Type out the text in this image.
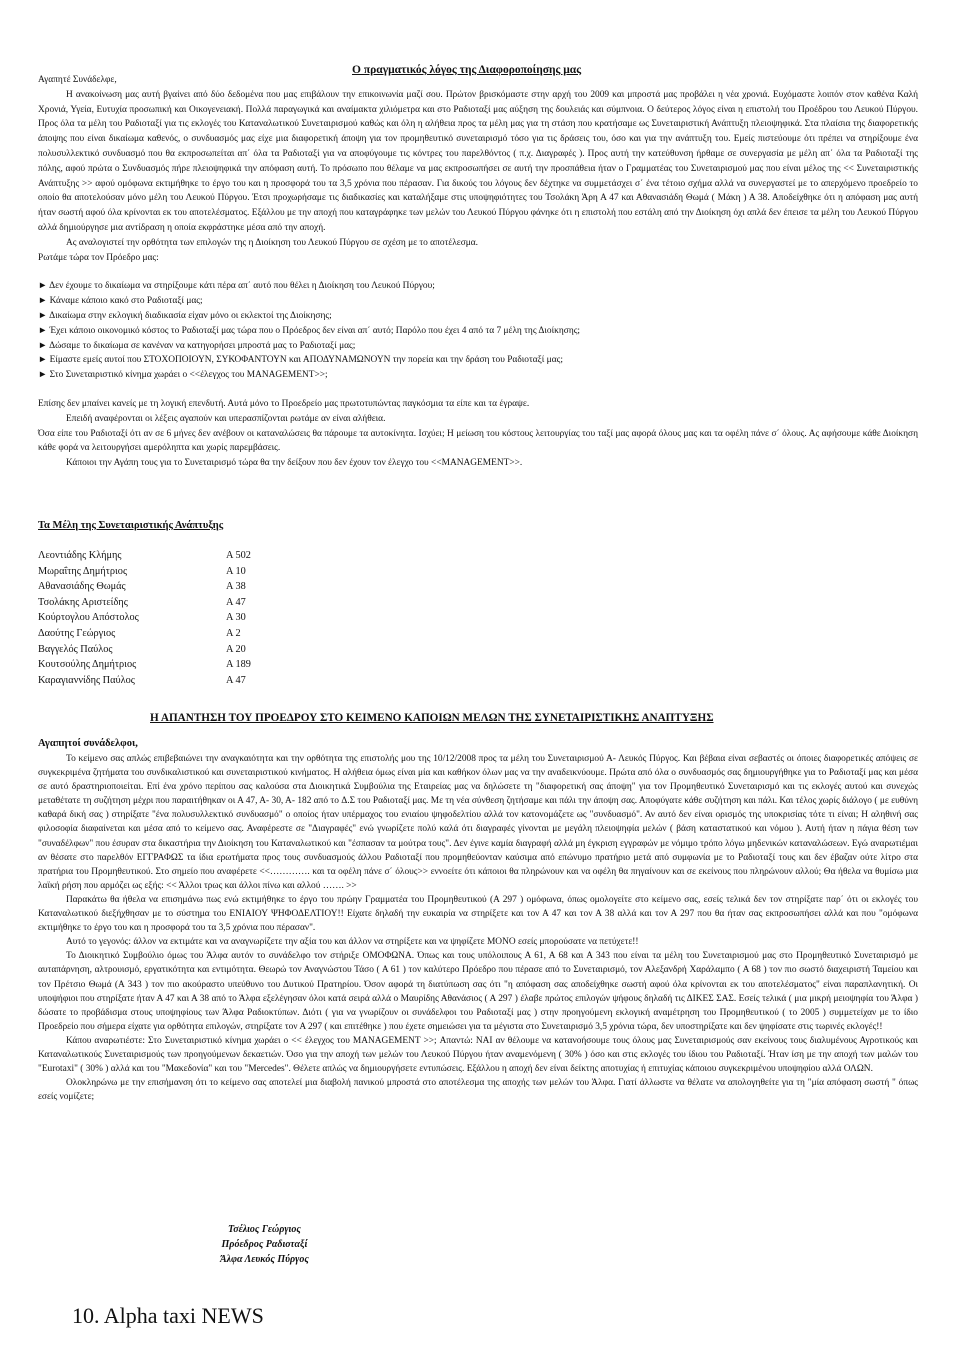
Ο πραγματικός λόγος της Διαφοροποίησης μας

Αγαπητέ Συνάδελφε,

Η ανακοίνωση μας αυτή βγαίνει από δύο δεδομένα που μας επιβάλουν την επικοινωνία μαζί σου. Πρώτον βρισκόμαστε στην αρχή του 2009 και μπροστά μας προβάλει η νέα χρονιά. Ευχόμαστε λοιπόν στον καθένα Καλή Χρονιά, Υγεία, Ευτυχία προσωπική και Οικογενειακή. Πολλά παραγωγικά και αναίμακτα χιλιόμετρα και στο Ραδιοταξί μας αύξηση της δουλειάς και σύμπνοια. Ο δεύτερος λόγος είναι η επιστολή του Προέδρου του Λευκού Πύργου. Προς όλα τα μέλη του Ραδιοταξί για τις εκλογές του Καταναλωτικού Συνεταιρισμού καθώς και όλη η αλήθεια προς τα μέλη μας για τη στάση που κρατήσαμε ως Συνεταιριστική Ανάπτυξη πλειοψηφικά. Στα πλαίσια της διαφορετικής άποψης που είναι δικαίωμα καθενός, ο συνδυασμός μας είχε μια διαφορετική άποψη για τον προμηθευτικό συνεταιρισμό τόσο για τις δράσεις του, όσο και για την ανάπτυξη του. Εμείς πιστεύουμε ότι πρέπει να στηρίξουμε ένα πολυσυλλεκτικό συνδυασμό που θα εκπροσωπείται απ΄ όλα τα Ραδιοταξί για να αποφύγουμε τις κόντρες του παρελθόντος ( π.χ. Διαγραφές ). Προς αυτή την κατεύθυνση ήρθαμε σε συνεργασία με μέλη απ΄ όλα τα Ραδιοταξί της πόλης, αφού πρώτα ο Συνδυασμός πήρε πλειοψηφικά την απόφαση αυτή. Το πρόσωπο που θέλαμε να μας εκπροσωπήσει σε αυτή την προσπάθεια ήταν ο Γραμματέας του Συνεταιρισμού μας που είναι μέλος της << Συνεταιριστικής Ανάπτυξης >> αφού ομόφωνα εκτιμήθηκε το έργο του και η προσφορά του τα 3,5 χρόνια που πέρασαν. Για δικούς του λόγους δεν δέχτηκε να συμμετάσχει σ΄ ένα τέτοιο σχήμα αλλά να συνεργαστεί με το απερχόμενο προεδρείο το οποίο θα αποτελούσαν μόνο μέλη του Λευκού Πύργου. Έτσι προχωρήσαμε τις διαδικασίες και καταλήξαμε στις υποψηφιότητες του Τσολάκη Άρη Α 47 και Αθανασιάδη Θωμά ( Μάκη ) Α 38. Αποδείχθηκε ότι η απόφαση μας αυτή ήταν σωστή αφού όλα κρίνονται εκ του αποτελέσματος. Εξάλλου με την αποχή που καταγράφηκε των μελών του Λευκού Πύργου φάνηκε ότι η επιστολή που εστάλη από την Διοίκηση όχι απλά δεν έπεισε τα μέλη του Λευκού Πύργου αλλά δημιούργησε μια αντίδραση η οποία εκφράστηκε μέσα από την αποχή.

Ας αναλογιστεί την ορθότητα των επιλογών της η Διοίκηση του Λευκού Πύργου σε σχέση με το αποτέλεσμα.

Ρωτάμε τώρα τον Πρόεδρο μας:

► Δεν έχουμε το δικαίωμα να στηρίξουμε κάτι πέρα απ΄ αυτό που θέλει η Διοίκηση του Λευκού Πύργου;
► Κάναμε κάποιο κακό στο Ραδιοταξί μας;
► Δικαίωμα στην εκλογική διαδικασία είχαν μόνο οι εκλεκτοί της Διοίκησης;
► Έχει κάποιο οικονομικό κόστος το Ραδιοταξί μας τώρα που ο Πρόεδρος δεν είναι απ΄ αυτό; Παρόλο που έχει 4 από τα 7 μέλη της Διοίκησης;
► Δώσαμε το δικαίωμα σε κανέναν να κατηγορήσει μπροστά μας το Ραδιοταξί μας;
► Είμαστε εμείς αυτοί που ΣΤΟΧΟΠΟΙΟΥΝ, ΣΥΚΟΦΑΝΤΟΥΝ και ΑΠΟΔΥΝΑΜΩΝΟΥΝ την πορεία και την δράση του Ραδιοταξί μας;
► Στο Συνεταιριστικό κίνημα χωράει ο <<έλεγχος του MANAGEMENT>>;

Επίσης δεν μπαίνει κανείς με τη λογική επενδυτή. Αυτά μόνο το Προεδρείο μας πρωτοτυπώντας παγκόσμια τα είπε και τα έγραψε.

Επειδή αναφέρονται οι λέξεις αγαπούν και υπερασπίζονται ρωτάμε αν είναι αλήθεια.

Όσα είπε του Ραδιοταξί ότι αν σε 6 μήνες δεν ανέβουν οι καταναλώσεις θα πάρουμε τα αυτοκίνητα. Ισχύει; Η μείωση του κόστους λειτουργίας του ταξί μας αφορά όλους μας και τα οφέλη πάνε σ΄ όλους. Ας αφήσουμε κάθε Διοίκηση κάθε φορά να λειτουργήσει αμερόληπτα και χωρίς παρεμβάσεις.

Κάποιοι την Αγάπη τους για το Συνεταιρισμό τώρα θα την δείξουν που δεν έχουν τον έλεγχο του <<MANAGEMENT>>.

Τα Μέλη της Συνεταιριστικής Ανάπτυξης
Λεοντιάδης Κλήμης	Α 502
Μωραΐτης Δημήτριος	Α 10
Αθανασιάδης Θωμάς	Α 38
Τσολάκης Αριστείδης	Α 47
Κούρτογλου Απόστολος	Α 30
Δαούτης Γεώργιος	Α 2
Βαγγελός Παύλος	Α 20
Κουτσούλης Δημήτριος	Α 189
Καραγιαννίδης Παύλος	Α 47
Η ΑΠΑΝΤΗΣΗ ΤΟΥ ΠΡΟΕΔΡΟΥ ΣΤΟ ΚΕΙΜΕΝΟ ΚΑΠΟΙΩΝ ΜΕΛΩΝ ΤΗΣ ΣΥΝΕΤΑΙΡΙΣΤΙΚΗΣ ΑΝΑΠΤΥΞΗΣ
Αγαπητοί συνάδελφοι,

Το κείμενο σας απλώς επιβεβαιώνει την αναγκαιότητα και την ορθότητα της επιστολής μου της 10/12/2008 προς τα μέλη του Συνεταιρισμού Α- Λευκός Πύργος. Και βέβαια είναι σεβαστές οι όποιες διαφορετικές απόψεις σε συγκεκριμένα ζητήματα του συνδικαλιστικού και συνεταιριστικού κινήματος. Η αλήθεια όμως είναι μία και καθήκον όλων μας να την αναδεικνύουμε. Πρώτα από όλα ο συνδυασμός σας δημιουργήθηκε για το Ραδιοταξί μας και μέσα σε αυτό δραστηριοποιείται. Επί ένα χρόνο περίπου σας καλούσα στα Διοικητικά Συμβούλια της Εταιρείας μας να δηλώσετε τη "διαφορετική σας άποψη" για τον Προμηθευτικό Συνεταιρισμό και τις εκλογές αυτού και συνεχώς μεταθέτατε τη συζήτηση μέχρι που παραιτήθηκαν οι Α 47, Α- 30, Α- 182 από τo Δ.Σ του Ραδιοταξί μας. Με τη νέα σύνθεση ζητήσαμε και πάλι την άποψη σας. Αποφύγατε κάθε συζήτηση και πάλι. Και τέλος χωρίς διάλογο ( με ευθύνη καθαρά δική σας ) στηρίξατε "ένα πολυσυλλεκτικό συνδυασμό" ο οποίος ήταν υπέρμαχος του ενιαίου ψηφοδελτίου αλλά τον κατονομάζετε ως "συνδυασμό". Αν αυτό δεν είναι ορισμός της υποκρισίας τότε τι είναι; Η αληθινή σας φιλοσοφία διαφαίνεται και μέσα από το κείμενο σας. Αναφέρεστε σε "Διαγραφές" ενώ γνωρίζετε πολύ καλά ότι διαγραφές γίνονται με μεγάλη πλειοψηφία μελών ( βάση καταστατικού και νόμου ). Αυτή ήταν η πάγια θέση των "συναδέλφων" που έσυραν στα δικαστήρια την Διοίκηση του Καταναλωτικού και "έσπασαν τα μούτρα τους". Δεν έγινε καμία διαγραφή αλλά μη έγκριση εγγραφών με νόμιμο τρόπο λόγω μηδενικών καταναλώσεων. Εγώ αναρωτιέμαι αν θέσατε στο παρελθόν ΕΓΓΡΑΦΩΣ τα ίδια ερωτήματα προς τους συνδυασμούς άλλου Ραδιοταξί που προμηθεύονταν καύσιμα από επώνυμο πρατήριο μετά από συμφωνία με το Ραδιοταξί τους και δεν έβαζαν ούτε λίτρο στα πρατήρια του Προμηθευτικού. Στο σημείο που αναφέρετε <<…………. και τα οφέλη πάνε σ΄ όλους>> εννοείτε ότι κάποιοι θα πληρώνουν και να οφέλη θα πηγαίνουν και σε εκείνους που πληρώνουν αλλού; Θα ήθελα να θυμίσω μια λαϊκή ρήση που αρμόζει ως εξής: << Άλλοι τρως και άλλοι πίνω και αλλού ……. >>

Παρακάτω θα ήθελα να επισημάνω πως ενώ εκτιμήθηκε το έργο του πρώην Γραμματέα του Προμηθευτικού (Α 297 ) ομόφωνα, όπως ομολογείτε στο κείμενο σας, εσείς τελικά δεν τον στηρίξατε παρ΄ ότι οι εκλογές του Καταναλωτικού διεξήχθησαν με το σύστημα του ΕΝΙΑΙΟΥ ΨΗΦΟΔΕΛΤΙΟΥ!! Είχατε δηλαδή την ευκαιρία να στηρίξετε και τον Α 47 και τον Α 38 αλλά και τον Α 297 που θα ήταν σας εκπροσωπήσει αλλά και που "ομόφωνα εκτιμήθηκε το έργο του και η προσφορά του τα 3,5 χρόνια που πέρασαν".

Αυτό το γεγονός: άλλον να εκτιμάτε και να αναγνωρίζετε την αξία του και άλλον να στηρίξετε και να ψηφίζετε ΜΟΝΟ εσείς μπορούσατε να πετύχετε!!

Το Διοικητικό Συμβούλιο όμως του Άλφα αυτόν το συνάδελφο τον στήριξε ΟΜΟΦΩΝΑ. Όπως και τους υπόλοιπους Α 61, Α 68 και Α 343 που είναι τα μέλη του Συνεταιρισμού μας στο Προμηθευτικό Συνεταιρισμό με αυταπάρνηση, αλτρουισμό, εργατικότητα και εντιμότητα. Θεωρώ τον Αναγνώστου Τάσο ( Α 61 ) τον καλύτερο Πρόεδρο που πέρασε από το Συνεταιρισμό, τον Αλεξανδρή Χαράλαμπο ( Α 68 ) τον πιο σωστό διαχειριστή Ταμείου και τον Πρέτσιο Θωμά (Α 343 ) τον πιο ακούραστο υπεύθυνο του Δυτικού Πρατηρίου. Όσον αφορά τη διατύπωση σας ότι "η απόφαση σας αποδείχθηκε σωστή αφού όλα κρίνονται εκ του αποτελέσματος" είναι παραπλανητική. Οι υποψήφιοι που στηρίξατε ήταν Α 47 και Α 38 από το Άλφα εξελέγησαν όλοι κατά σειρά αλλά ο Μαυρίδης Αθανάσιος ( Α 297 ) έλαβε πρώτος επιλογών ψήφους δηλαδή τις ΔΙΚΕΣ ΣΑΣ. Εσείς τελικά ( μια μικρή μειοψηφία του Άλφα ) δώσατε το προβάδισμα στους υποψηφίους των Άλφα Ραδιοκτύπων. Διότι ( για να γνωρίζουν οι συνάδελφοι του Ραδιοταξί μας ) στην προηγούμενη εκλογική αναμέτρηση του Προμηθευτικού ( το 2005 ) συμμετείχαν με το ίδιο Προεδρείο που σήμερα είχατε για ορθότητα επιλογών, στηρίξατε τον Α 297 ( και επιτέθηκε ) που έχετε σημειώσει για τα μέγιστα στο Συνεταιρισμό 3,5 χρόνια τώρα, δεν υποστηρίξατε και δεν ψηφίσατε στις τωρινές εκλογές!!

Κάπου αναρωτιέστε: Στο Συνεταιριστικό κίνημα χωράει ο << έλεγχος του MANAGEMENT >>; Απαντώ: ΝΑΙ αν θέλουμε να κατανοήσουμε τους όλους μας Συνεταιρισμούς σαν εκείνους τους διαλυμένους Αγροτικούς και Καταναλωτικούς Συνεταιρισμούς των προηγούμενων δεκαετιών. Όσο για την αποχή των μελών του Λευκού Πύργου ήταν αναμενόμενη ( 30% ) όσο και στις εκλογές του ίδιου του Ραδιοταξί. Ήταν ίση με την αποχή των μαλών του "Eurotaxi" ( 30% ) αλλά και του "Μακεδονία" και του "Mercedes". Θέλετε απλώς να δημιουργήσετε εντυπώσεις. Εξάλλου η αποχή δεν είναι δείκτης αποτυχίας ή επιτυχίας κάποιου συγκεκριμένου υποψηφίου αλλά ΟΛΩΝ.

Ολοκληρώνω με την επισήμανση ότι το κείμενο σας αποτελεί μια διαβολή πανικού μπροστά στο αποτέλεσμα της αποχής των μελών του Άλφα. Γιατί άλλωστε να θέλατε να απολογηθείτε για τη "μία απόφαση σωστή " όπως εσείς νομίζετε;

Τσέλιος Γεώργιος
Πρόεδρος Ραδιοταξί
Άλφα Λευκός Πύργος
10. Alpha taxi NEWS
